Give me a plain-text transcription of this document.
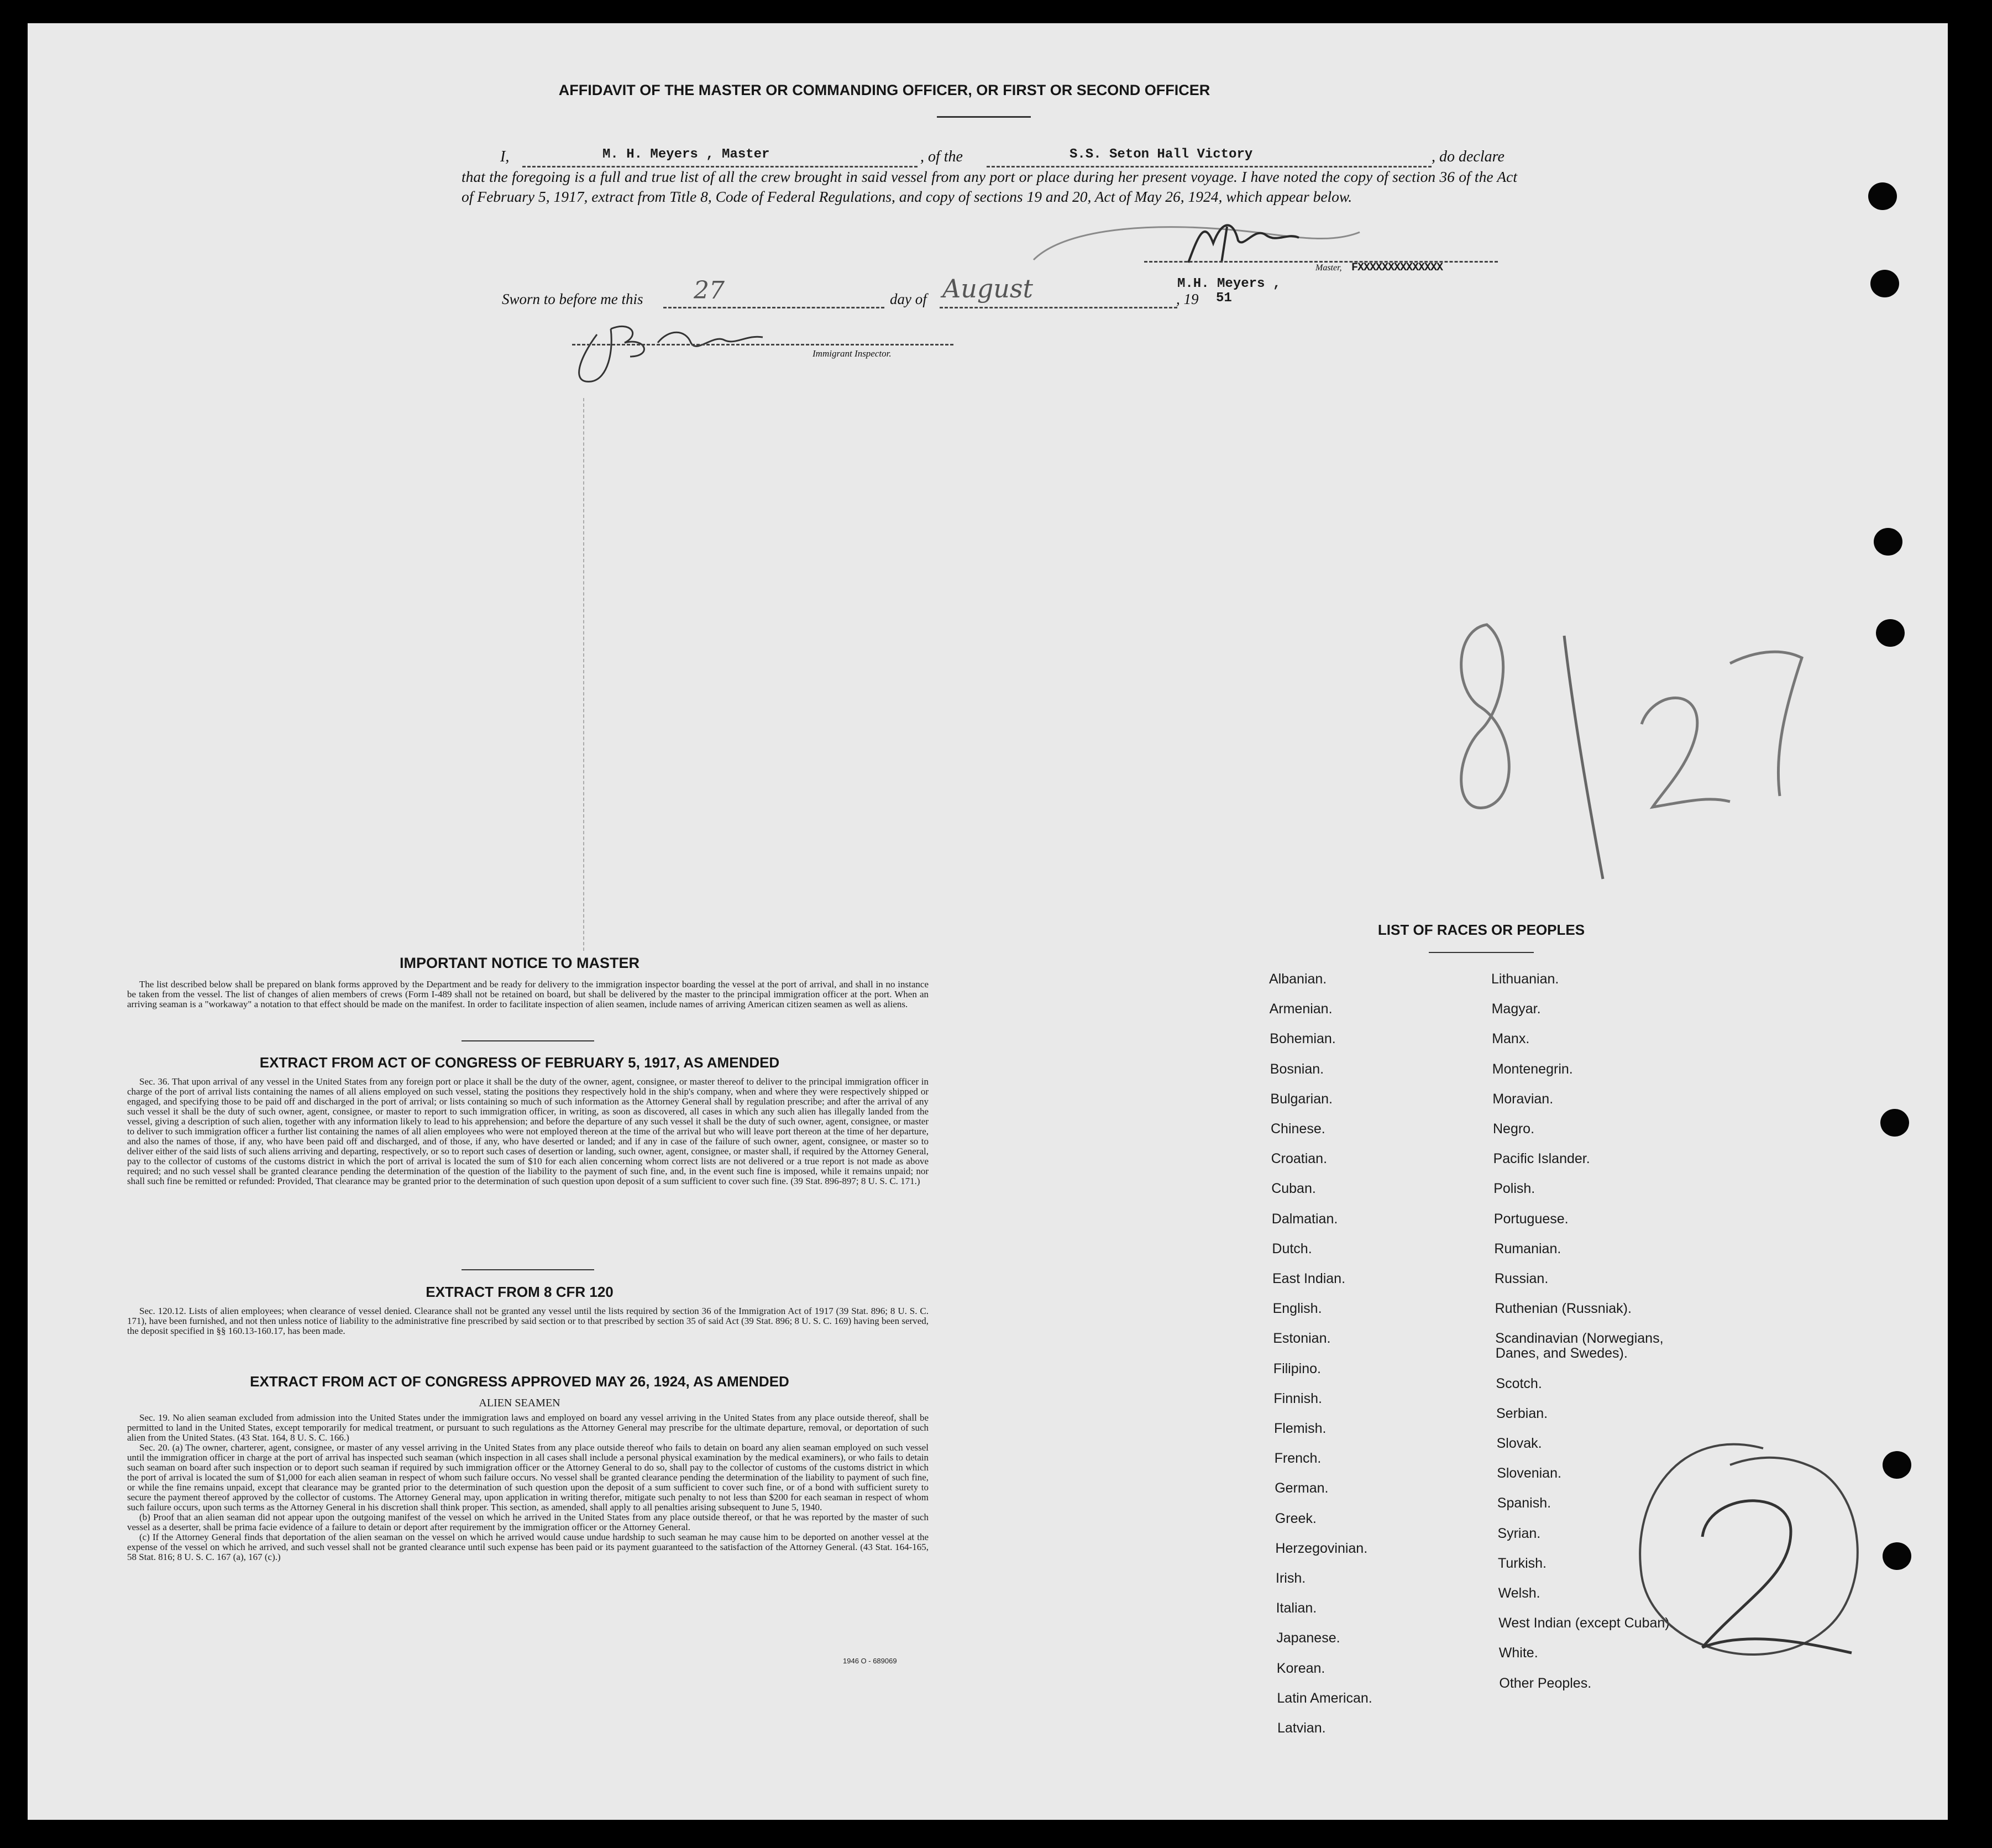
AFFIDAVIT OF THE MASTER OR COMMANDING OFFICER, OR FIRST OR SECOND OFFICER
I,	M. H. Meyers , Master	, of the	S.S. Seton Hall Victory	, do declare
that the foregoing is a full and true list of all the crew brought in said vessel from any port or place during her present voyage. I have noted the copy of section 36 of the Act of February 5, 1917, extract from Title 8, Code of Federal Regulations, and copy of sections 19 and 20, Act of May 26, 1924, which appear below.
M.H. Meyers ,
Master, FXXXXXXXXXXXXXX
Sworn to before me this 27	day of August	, 19 51
Immigrant Inspector.
IMPORTANT NOTICE TO MASTER

The list described below shall be prepared on blank forms approved by the Department and be ready for delivery to the immigration inspector boarding the vessel at the port of arrival, and shall in no instance be taken from the vessel. The list of changes of alien members of crews (Form I-489 shall not be retained on board, but shall be delivered by the master to the principal immigration officer at the port. When an arriving seaman is a "workaway" a notation to that effect should be made on the manifest. In order to facilitate inspection of alien seamen, include names of arriving American citizen seamen as well as aliens.

EXTRACT FROM ACT OF CONGRESS OF FEBRUARY 5, 1917, AS AMENDED

Sec. 36. That upon arrival of any vessel in the United States from any foreign port or place it shall be the duty of the owner, agent, consignee, or master thereof to deliver to the principal immigration officer in charge of the port of arrival lists containing the names of all aliens employed on such vessel, stating the positions they respectively hold in the ship's company, when and where they were respectively shipped or engaged, and specifying those to be paid off and discharged in the port of arrival; or lists containing so much of such information as the Attorney General shall by regulation prescribe; and after the arrival of any such vessel it shall be the duty of such owner, agent, consignee, or master to report to such immigration officer, in writing, as soon as discovered, all cases in which any such alien has illegally landed from the vessel, giving a description of such alien, together with any information likely to lead to his apprehension; and before the departure of any such vessel it shall be the duty of such owner, agent, consignee, or master to deliver to such immigration officer a further list containing the names of all alien employees who were not employed thereon at the time of the arrival but who will leave port thereon at the time of her departure, and also the names of those, if any, who have been paid off and discharged, and of those, if any, who have deserted or landed; and if any in case of the failure of such owner, agent, consignee, or master so to deliver either of the said lists of such aliens arriving and departing, respectively, or so to report such cases of desertion or landing, such owner, agent, consignee, or master shall, if required by the Attorney General, pay to the collector of customs of the customs district in which the port of arrival is located the sum of $10 for each alien concerning whom correct lists are not delivered or a true report is not made as above required; and no such vessel shall be granted clearance pending the determination of the question of the liability to the payment of such fine, and, in the event such fine is imposed, while it remains unpaid; nor shall such fine be remitted or refunded: Provided, That clearance may be granted prior to the determination of such question upon deposit of a sum sufficient to cover such fine. (39 Stat. 896-897; 8 U. S. C. 171.)

EXTRACT FROM 8 CFR 120

Sec. 120.12. Lists of alien employees; when clearance of vessel denied. Clearance shall not be granted any vessel until the lists required by section 36 of the Immigration Act of 1917 (39 Stat. 896; 8 U. S. C. 171), have been furnished, and not then unless notice of liability to the administrative fine prescribed by said section or to that prescribed by section 35 of said Act (39 Stat. 896; 8 U. S. C. 169) having been served, the deposit specified in §§ 160.13-160.17, has been made.

EXTRACT FROM ACT OF CONGRESS APPROVED MAY 26, 1924, AS AMENDED
ALIEN SEAMEN

Sec. 19. No alien seaman excluded from admission into the United States under the immigration laws and employed on board any vessel arriving in the United States from any place outside thereof, shall be permitted to land in the United States, except temporarily for medical treatment, or pursuant to such regulations as the Attorney General may prescribe for the ultimate departure, removal, or deportation of such alien from the United States. (43 Stat. 164, 8 U. S. C. 166.)

Sec. 20. (a) The owner, charterer, agent, consignee, or master of any vessel arriving in the United States from any place outside thereof who fails to detain on board any alien seaman employed on such vessel until the immigration officer in charge at the port of arrival has inspected such seaman (which inspection in all cases shall include a personal physical examination by the medical examiners), or who fails to detain such seaman on board after such inspection or to deport such seaman if required by such immigration officer or the Attorney General to do so, shall pay to the collector of customs of the customs district in which the port of arrival is located the sum of $1,000 for each alien seaman in respect of whom such failure occurs. No vessel shall be granted clearance pending the determination of the liability to payment of such fine, or while the fine remains unpaid, except that clearance may be granted prior to the determination of such question upon the deposit of a sum sufficient to cover such fine, or of a bond with sufficient surety to secure the payment thereof approved by the collector of customs. The Attorney General may, upon application in writing therefor, mitigate such penalty to not less than $200 for each seaman in respect of whom such failure occurs, upon such terms as the Attorney General in his discretion shall think proper. This section, as amended, shall apply to all penalties arising subsequent to June 5, 1940.

(b) Proof that an alien seaman did not appear upon the outgoing manifest of the vessel on which he arrived in the United States from any place outside thereof, or that he was reported by the master of such vessel as a deserter, shall be prima facie evidence of a failure to detain or deport after requirement by the immigration officer or the Attorney General.

(c) If the Attorney General finds that deportation of the alien seaman on the vessel on which he arrived would cause undue hardship to such seaman he may cause him to be deported on another vessel at the expense of the vessel on which he arrived, and such vessel shall not be granted clearance until such expense has been paid or its payment guaranteed to the satisfaction of the Attorney General. (43 Stat. 164-165, 58 Stat. 816; 8 U. S. C. 167 (a), 167 (c).)

1946 O - 689069
LIST OF RACES OR PEOPLES
Albanian.
Armenian.
Bohemian.
Bosnian.
Bulgarian.
Chinese.
Croatian.
Cuban.
Dalmatian.
Dutch.
East Indian.
English.
Estonian.
Filipino.
Finnish.
Flemish.
French.
German.
Greek.
Herzegovinian.
Irish.
Italian.
Japanese.
Korean.
Latin American.
Latvian.
Lithuanian.
Magyar.
Manx.
Montenegrin.
Moravian.
Negro.
Pacific Islander.
Polish.
Portuguese.
Rumanian.
Russian.
Ruthenian (Russniak).
Scandinavian (Norwegians,
Danes, and Swedes).
Scotch.
Serbian.
Slovak.
Slovenian.
Spanish.
Syrian.
Turkish.
Welsh.
West Indian (except Cuban).
White.
Other Peoples.
